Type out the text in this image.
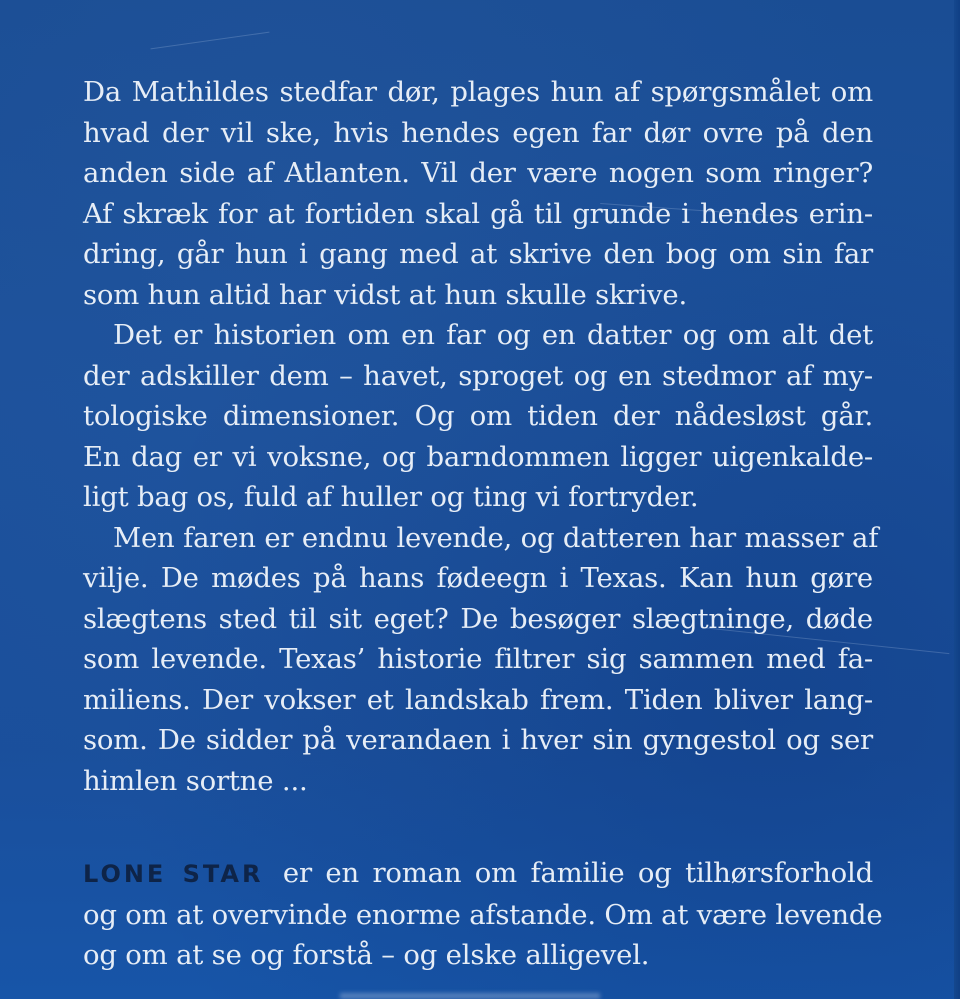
Da Mathildes stedfar dør, plages hun af spørgsmålet om
hvad der vil ske, hvis hendes egen far dør ovre på den
anden side af Atlanten. Vil der være nogen som ringer?
Af skræk for at fortiden skal gå til grunde i hendes erin-
dring, går hun i gang med at skrive den bog om sin far
som hun altid har vidst at hun skulle skrive.

Det er historien om en far og en datter og om alt det
der adskiller dem – havet, sproget og en stedmor af my-
tologiske dimensioner. Og om tiden der nådesløst går.
En dag er vi voksne, og barndommen ligger uigenkalde-
ligt bag os, fuld af huller og ting vi fortryder.

Men faren er endnu levende, og datteren har masser af
vilje. De mødes på hans fødeegn i Texas. Kan hun gøre
slægtens sted til sit eget? De besøger slægtninge, døde
som levende. Texas’ historie filtrer sig sammen med fa-
miliens. Der vokser et landskab frem. Tiden bliver lang-
som. De sidder på verandaen i hver sin gyngestol og ser
himlen sortne ...

LONE STAR er en roman om familie og tilhørsforhold
og om at overvinde enorme afstande. Om at være levende
og om at se og forstå – og elske alligevel.
